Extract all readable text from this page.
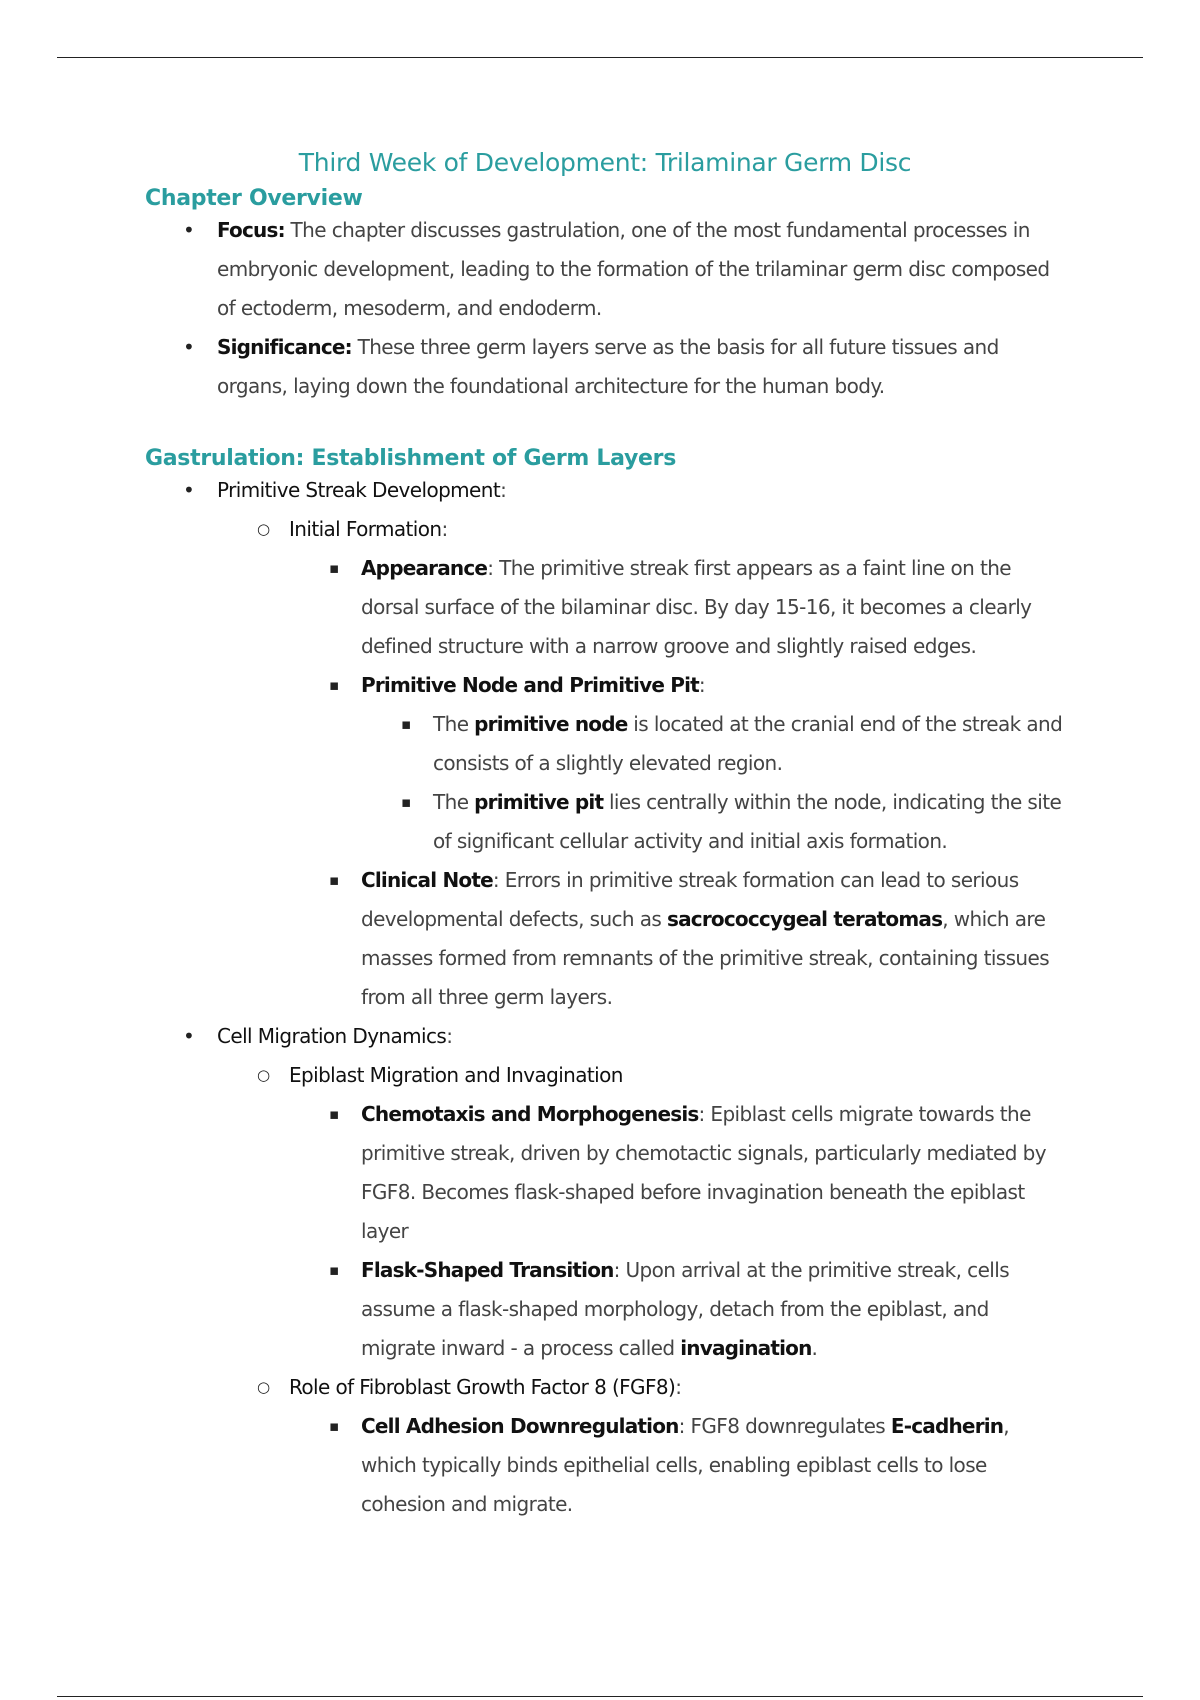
Third Week of Development: Trilaminar Germ Disc
Chapter Overview
• Focus: The chapter discusses gastrulation, one of the most fundamental processes in embryonic development, leading to the formation of the trilaminar germ disc composed of ectoderm, mesoderm, and endoderm.
• Significance: These three germ layers serve as the basis for all future tissues and organs, laying down the foundational architecture for the human body.
Gastrulation: Establishment of Germ Layers
• Primitive Streak Development:
○ Initial Formation:
▪ Appearance: The primitive streak first appears as a faint line on the dorsal surface of the bilaminar disc. By day 15-16, it becomes a clearly defined structure with a narrow groove and slightly raised edges.
▪ Primitive Node and Primitive Pit:
▪ The primitive node is located at the cranial end of the streak and consists of a slightly elevated region.
▪ The primitive pit lies centrally within the node, indicating the site of significant cellular activity and initial axis formation.
▪ Clinical Note: Errors in primitive streak formation can lead to serious developmental defects, such as sacrococcygeal teratomas, which are masses formed from remnants of the primitive streak, containing tissues from all three germ layers.
• Cell Migration Dynamics:
○ Epiblast Migration and Invagination
▪ Chemotaxis and Morphogenesis: Epiblast cells migrate towards the primitive streak, driven by chemotactic signals, particularly mediated by FGF8. Becomes flask-shaped before invagination beneath the epiblast layer
▪ Flask-Shaped Transition: Upon arrival at the primitive streak, cells assume a flask-shaped morphology, detach from the epiblast, and migrate inward - a process called invagination.
○ Role of Fibroblast Growth Factor 8 (FGF8):
▪ Cell Adhesion Downregulation: FGF8 downregulates E-cadherin, which typically binds epithelial cells, enabling epiblast cells to lose cohesion and migrate.
